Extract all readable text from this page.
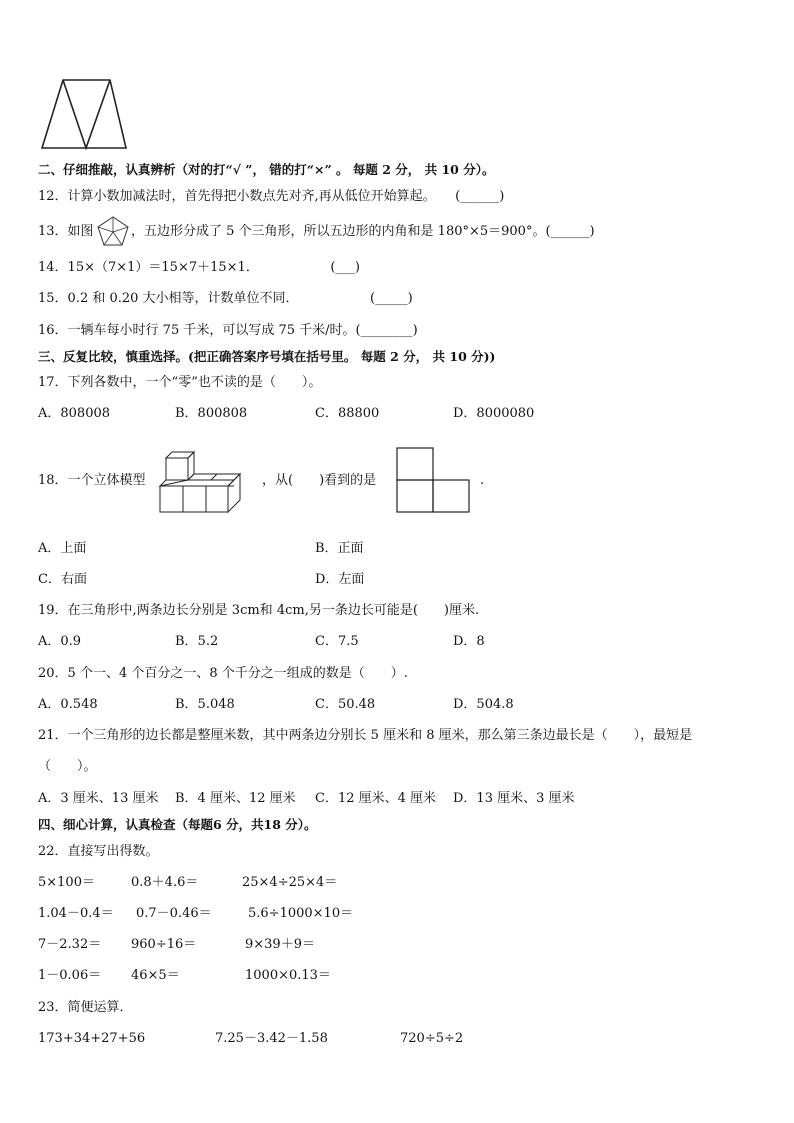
二、仔细推敲，认真辨析（对的打“√ ”， 错的打“×” 。 每题 2 分， 共 10 分）。
12．计算小数加减法时，首先得把小数点先对齐,再从低位开始算起。　　(______)
13．如图	，五边形分成了 5 个三角形，所以五边形的内角和是 180°×5＝900°。(______)
14．15×（7×1）＝15×7＋15×1．　　　　　　(___)
15．0.2 和 0.20 大小相等，计数单位不同．　　　　　　(_____)
16．一辆车每小时行 75 千米，可以写成 75 千米/时。(________)
三、反复比较，慎重选择。(把正确答案序号填在括号里。 每题 2 分， 共 10 分))
17．下列各数中，一个“零”也不读的是（　　）。
A．808008	B．800808	C．88800	D．8000080
18．一个立体模型	，从(　　)看到的是	.
A．上面	B．正面
C．右面	D．左面
19．在三角形中,两条边长分别是 3cm和 4cm,另一条边长可能是(　　)厘米.
A．0.9	B．5.2	C．7.5	D．8
20．5 个一、4 个百分之一、8 个千分之一组成的数是（　　）.
A．0.548	B．5.048	C．50.48	D．504.8
21．一个三角形的边长都是整厘米数，其中两条边分别长 5 厘米和 8 厘米，那么第三条边最长是（　　），最短是
（　　）。
A．3 厘米、13 厘米 B．4 厘米、12 厘米 C．12 厘米、4 厘米 D．13 厘米、3 厘米
四、细心计算，认真检查（每题6 分，共18 分）。
22．直接写出得数。
5×100＝	0.8＋4.6＝	25×4÷25×4＝
1.04－0.4＝ 0.7－0.46＝	5.6÷1000×10＝
7－2.32＝ 960÷16＝	9×39＋9＝
1－0.06＝ 46×5＝	1000×0.13＝
23．简便运算．
173+34+27+56	7.25－3.42－1.58	720÷5÷2
